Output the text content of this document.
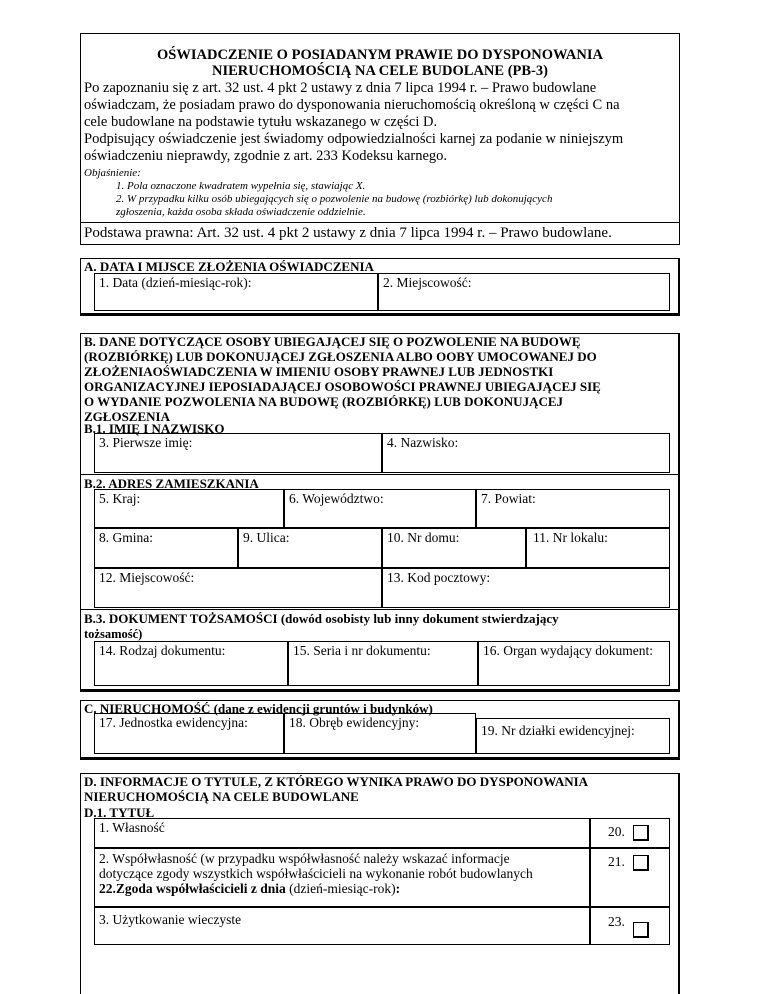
OŚWIADCZENIE O POSIADANYM PRAWIE DO DYSPONOWANIA
NIERUCHOMOŚCIĄ NA CELE BUDOLANE (PB-3)
Po zapoznaniu się z art. 32 ust. 4 pkt 2 ustawy z dnia 7 lipca 1994 r. – Prawo budowlane
oświadczam, że posiadam prawo do dysponowania nieruchomością określoną w części C na
cele budowlane na podstawie tytułu wskazanego w części D.
Podpisujący oświadczenie jest świadomy odpowiedzialności karnej za podanie w niniejszym
oświadczeniu nieprawdy, zgodnie z art. 233 Kodeksu karnego.
Objaśnienie:
1. Pola oznaczone kwadratem wypełnia się, stawiając X.
2. W przypadku kilku osób ubiegających się o pozwolenie na budowę (rozbiórkę) lub dokonujących
zgłoszenia, każda osoba składa oświadczenie oddzielnie.
Podstawa prawna: Art. 32 ust. 4 pkt 2 ustawy z dnia 7 lipca 1994 r. – Prawo budowlane.
A. DATA I MIJSCE ZŁOŻENIA OŚWIADCZENIA
1. Data (dzień-miesiąc-rok):	2. Miejscowość:
B. DANE DOTYCZĄCE OSOBY UBIEGAJĄCEJ SIĘ O POZWOLENIE NA BUDOWĘ
(ROZBIÓRKĘ) LUB DOKONUJĄCEJ ZGŁOSZENIA ALBO OOBY UMOCOWANEJ DO
ZŁOŻENIAOŚWIADCZENIA W IMIENIU OSOBY PRAWNEJ LUB JEDNOSTKI
ORGANIZACYJNEJ IEPOSIADAJĄCEJ OSOBOWOŚCI PRAWNEJ UBIEGAJĄCEJ SIĘ
O WYDANIE POZWOLENIA NA BUDOWĘ (ROZBIÓRKĘ) LUB DOKONUJĄCEJ
ZGŁOSZENIA
B.1. IMIĘ I NAZWISKO
3. Pierwsze imię:	4. Nazwisko:
B.2. ADRES ZAMIESZKANIA
5. Kraj:	6. Województwo:	7. Powiat:
8. Gmina:	9. Ulica:	10. Nr domu:	11. Nr lokalu:
12. Miejscowość:	13. Kod pocztowy:
B.3. DOKUMENT TOŻSAMOŚCI (dowód osobisty lub inny dokument stwierdzający
tożsamość)
14. Rodzaj dokumentu:	15. Seria i nr dokumentu:	16. Organ wydający dokument:
C. NIERUCHOMOŚĆ (dane z ewidencji gruntów i budynków)
17. Jednostka ewidencyjna:	18. Obręb ewidencyjny:
19. Nr działki ewidencyjnej:
D. INFORMACJE O TYTULE, Z KTÓREGO WYNIKA PRAWO DO DYSPONOWANIA
NIERUCHOMOŚCIĄ NA CELE BUDOWLANE
D.1. TYTUŁ
1. Własność	20.
2. Współwłasność (w przypadku współwłasność należy wskazać informacje
dotyczące zgody wszystkich współwłaścicieli na wykonanie robót budowlanych
22.Zgoda współwłaścicieli z dnia (dzień-miesiąc-rok):
21.
3. Użytkowanie wieczyste	23.
